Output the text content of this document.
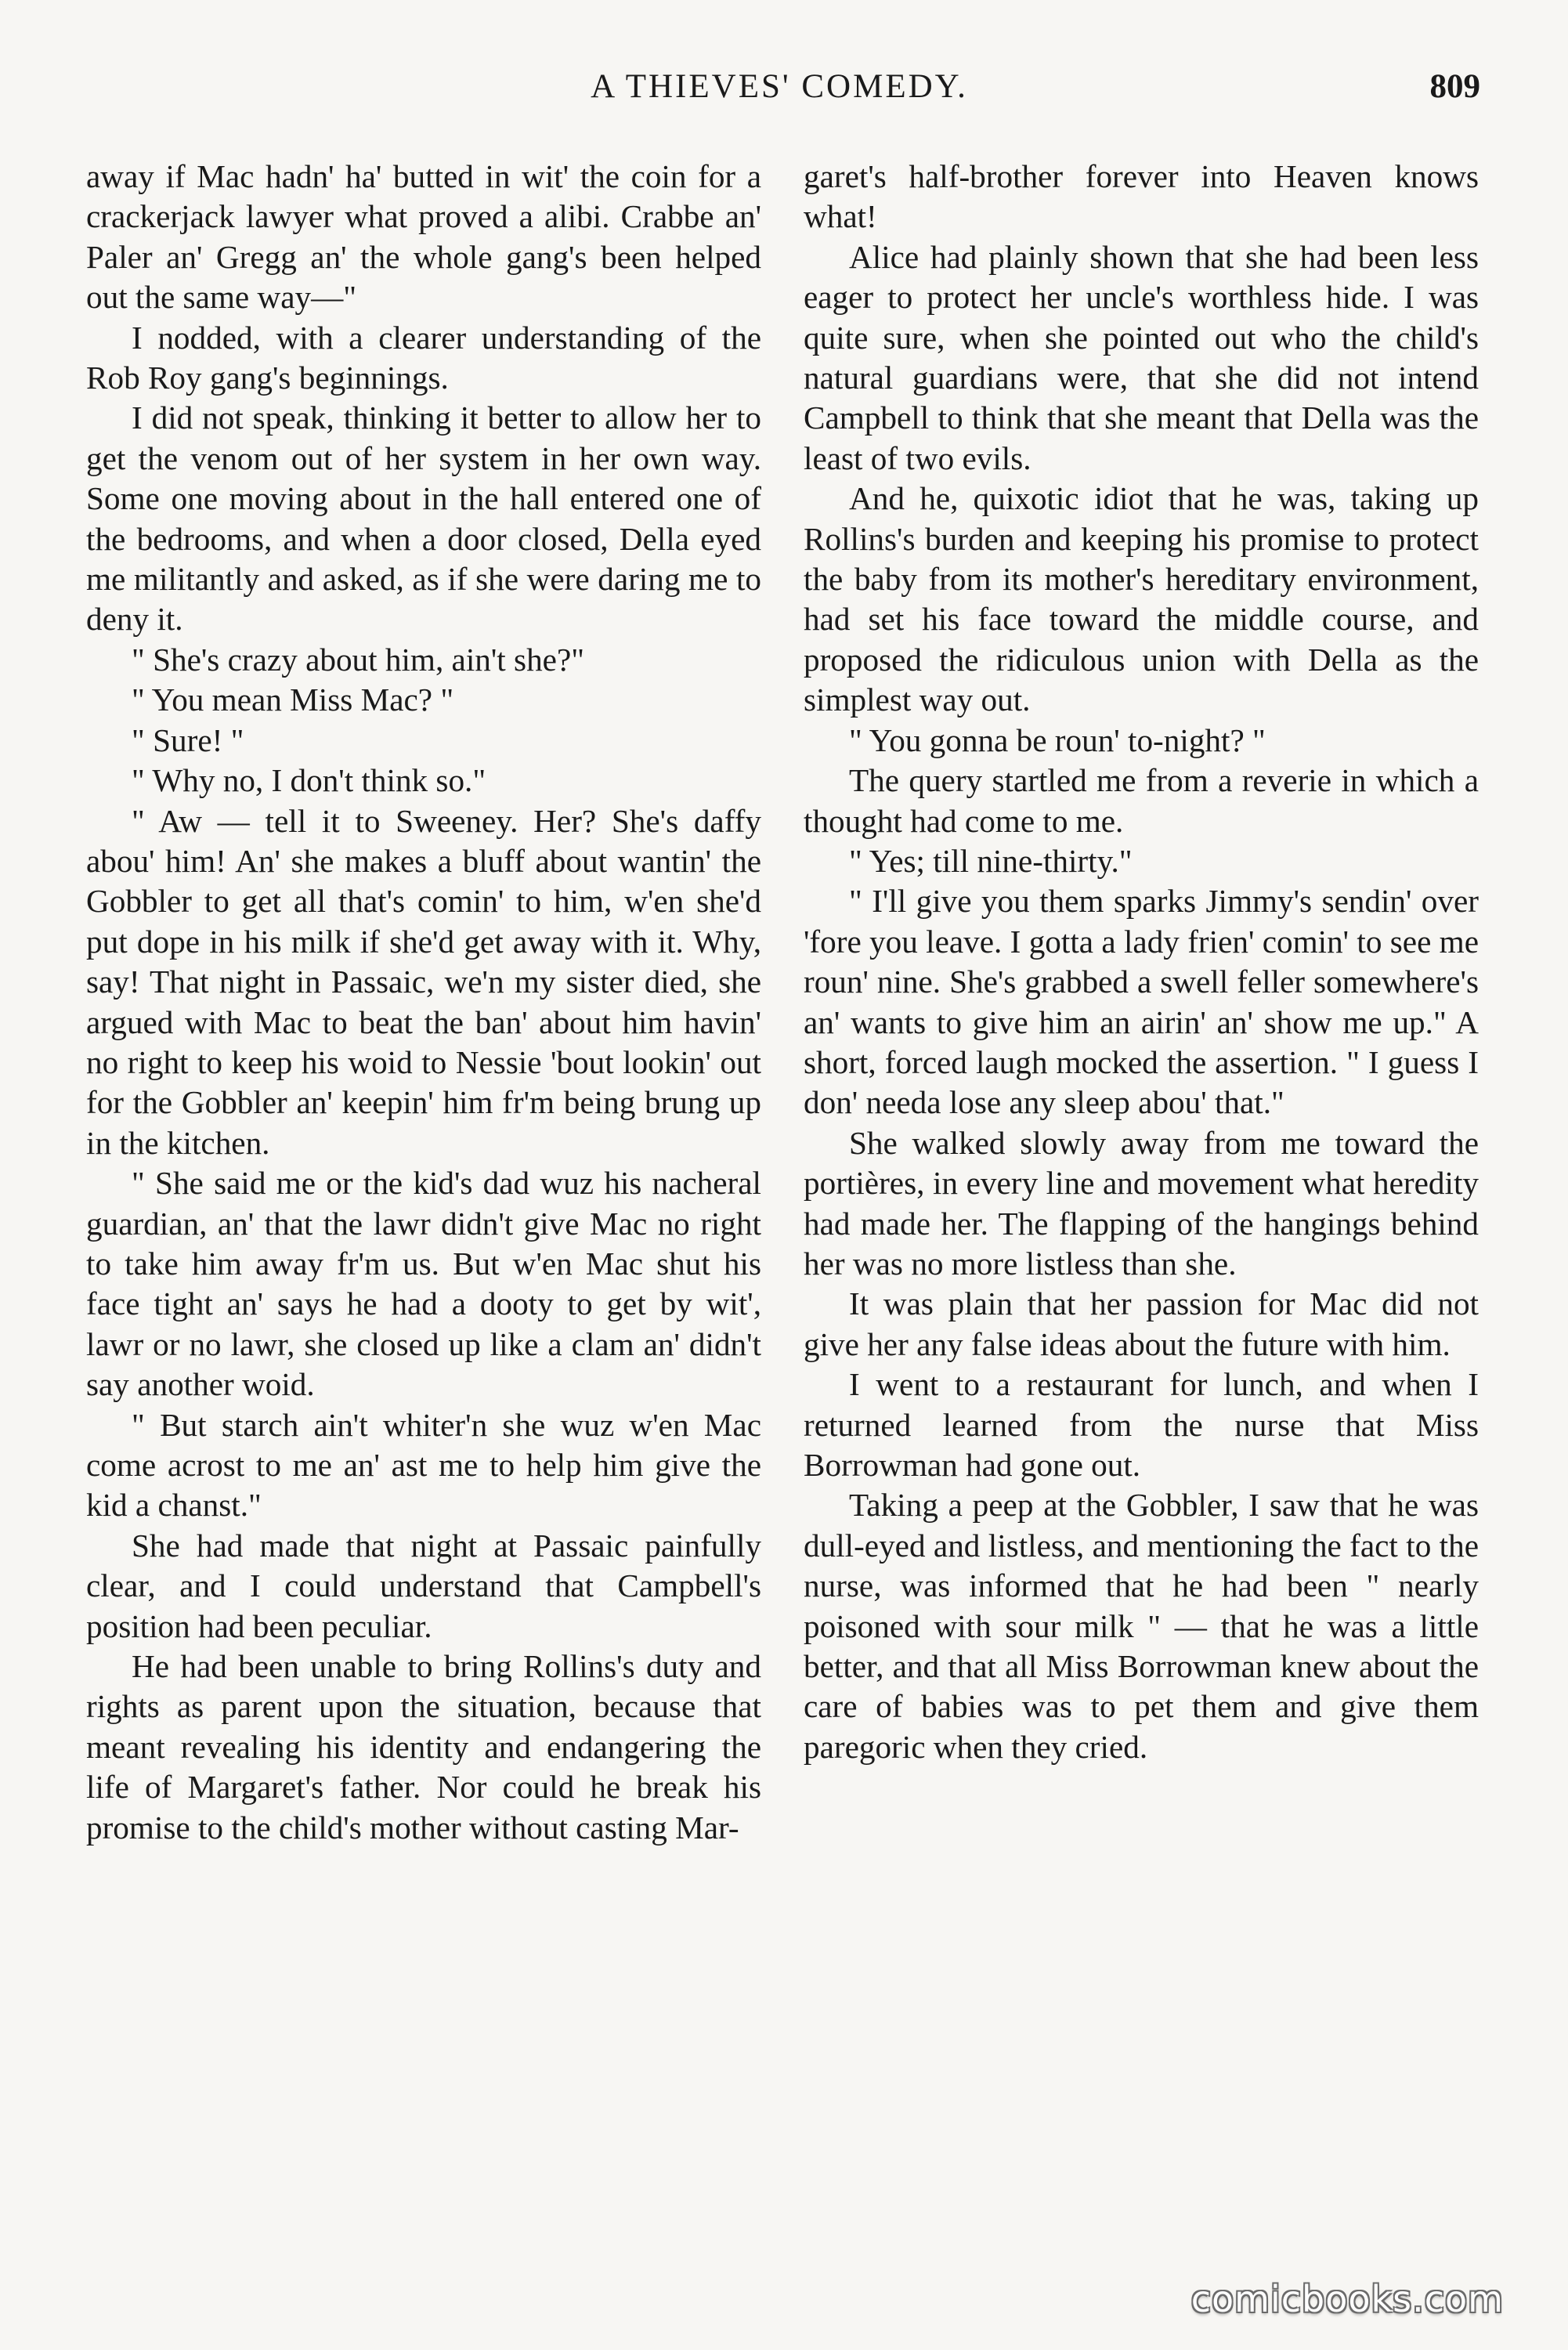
A THIEVES' COMEDY.	809

away if Mac hadn' ha' butted in wit' the coin for a crackerjack lawyer what proved a alibi. Crabbe an' Paler an' Gregg an' the whole gang's been helped out the same way—"

I nodded, with a clearer understanding of the Rob Roy gang's beginnings.

I did not speak, thinking it better to allow her to get the venom out of her system in her own way. Some one moving about in the hall entered one of the bedrooms, and when a door closed, Della eyed me militantly and asked, as if she were daring me to deny it.

" She's crazy about him, ain't she?"

" You mean Miss Mac? "

" Sure! "

" Why no, I don't think so."

" Aw — tell it to Sweeney. Her? She's daffy abou' him! An' she makes a bluff about wantin' the Gobbler to get all that's comin' to him, w'en she'd put dope in his milk if she'd get away with it. Why, say! That night in Passaic, we'n my sister died, she argued with Mac to beat the ban' about him havin' no right to keep his woid to Nessie 'bout lookin' out for the Gobbler an' keepin' him fr'm being brung up in the kitchen.

" She said me or the kid's dad wuz his nacheral guardian, an' that the lawr didn't give Mac no right to take him away fr'm us. But w'en Mac shut his face tight an' says he had a dooty to get by wit', lawr or no lawr, she closed up like a clam an' didn't say another woid.

" But starch ain't whiter'n she wuz w'en Mac come acrost to me an' ast me to help him give the kid a chanst."

She had made that night at Passaic painfully clear, and I could understand that Campbell's position had been peculiar.

He had been unable to bring Rollins's duty and rights as parent upon the situation, because that meant revealing his identity and endangering the life of Margaret's father. Nor could he break his promise to the child's mother without casting Mar-

garet's half-brother forever into Heaven knows what!

Alice had plainly shown that she had been less eager to protect her uncle's worthless hide. I was quite sure, when she pointed out who the child's natural guardians were, that she did not intend Campbell to think that she meant that Della was the least of two evils.

And he, quixotic idiot that he was, taking up Rollins's burden and keeping his promise to protect the baby from its mother's hereditary environment, had set his face toward the middle course, and proposed the ridiculous union with Della as the simplest way out.

" You gonna be roun' to-night? "

The query startled me from a reverie in which a thought had come to me.

" Yes; till nine-thirty."

" I'll give you them sparks Jimmy's sendin' over 'fore you leave. I gotta a lady frien' comin' to see me roun' nine. She's grabbed a swell feller somewhere's an' wants to give him an airin' an' show me up." A short, forced laugh mocked the assertion. " I guess I don' needa lose any sleep abou' that."

She walked slowly away from me toward the portières, in every line and movement what heredity had made her. The flapping of the hangings behind her was no more listless than she.

It was plain that her passion for Mac did not give her any false ideas about the future with him.

I went to a restaurant for lunch, and when I returned learned from the nurse that Miss Borrowman had gone out.

Taking a peep at the Gobbler, I saw that he was dull-eyed and listless, and mentioning the fact to the nurse, was informed that he had been " nearly poisoned with sour milk " — that he was a little better, and that all Miss Borrowman knew about the care of babies was to pet them and give them paregoric when they cried.

comicbooks.com
